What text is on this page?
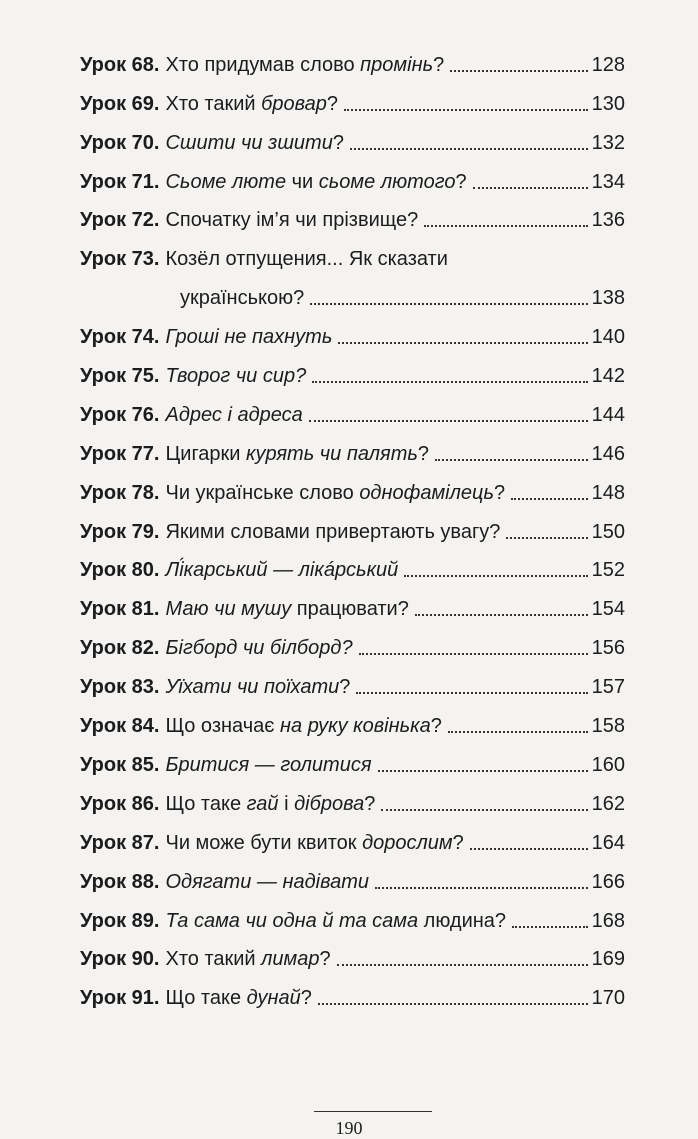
Урок 68. Хто придумав слово промінь?	128
Урок 69. Хто такий бровар?	130
Урок 70. Сшити чи зшити?	132
Урок 71. Сьоме люте чи сьоме лютого?	134
Урок 72. Спочатку ім’я чи прізвище?	136
Урок 73. Козёл отпущения... Як сказати
українською?	138
Урок 74. Гроші не пахнуть	140
Урок 75. Творог чи сир?	142
Урок 76. Адрес і адреса	144
Урок 77. Цигарки курять чи палять?	146
Урок 78. Чи українське слово однофамілець?	148
Урок 79. Якими словами привертають увагу?	150
Урок 80. Лі́карський — лікáрський	152
Урок 81. Маю чи мушу працювати?	154
Урок 82. Бігборд чи білборд?	156
Урок 83. Уїхати чи поїхати?	157
Урок 84. Що означає на руку ковінька?	158
Урок 85. Бритися — голитися	160
Урок 86. Що таке гай і діброва?	162
Урок 87. Чи може бути квиток дорослим?	164
Урок 88. Одягати — надівати	166
Урок 89. Та сама чи одна й та сама людина?	168
Урок 90. Хто такий лимар?	169
Урок 91. Що таке дунай?	170
190
